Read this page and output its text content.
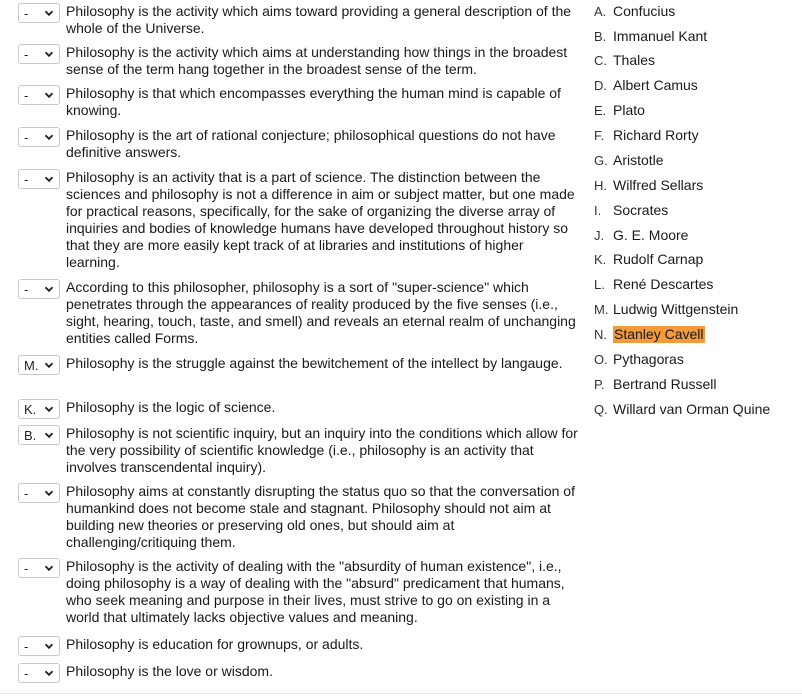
-	Philosophy is the activity which aims toward providing a general description of the whole of the Universe.
-	Philosophy is the activity which aims at understanding how things in the broadest sense of the term hang together in the broadest sense of the term.
-	Philosophy is that which encompasses everything the human mind is capable of knowing.
-	Philosophy is the art of rational conjecture; philosophical questions do not have definitive answers.
-	Philosophy is an activity that is a part of science. The distinction between the sciences and philosophy is not a difference in aim or subject matter, but one made for practical reasons, specifically, for the sake of organizing the diverse array of inquiries and bodies of knowledge humans have developed throughout history so that they are more easily kept track of at libraries and institutions of higher learning.
-	According to this philosopher, philosophy is a sort of "super-science" which penetrates through the appearances of reality produced by the five senses (i.e., sight, hearing, touch, taste, and smell) and reveals an eternal realm of unchanging entities called Forms.
M. Philosophy is the struggle against the bewitchement of the intellect by langauge.
K. Philosophy is the logic of science.
B. Philosophy is not scientific inquiry, but an inquiry into the conditions which allow for the very possibility of scientific knowledge (i.e., philosophy is an activity that involves transcendental inquiry).
-	Philosophy aims at constantly disrupting the status quo so that the conversation of humankind does not become stale and stagnant. Philosophy should not aim at building new theories or preserving old ones, but should aim at challenging/critiquing them.
-	Philosophy is the activity of dealing with the "absurdity of human existence", i.e., doing philosophy is a way of dealing with the "absurd" predicament that humans, who seek meaning and purpose in their lives, must strive to go on existing in a world that ultimately lacks objective values and meaning.
-	Philosophy is education for grownups, or adults.
-	Philosophy is the love or wisdom.
A. Confucius
B. Immanuel Kant
C. Thales
D. Albert Camus
E. Plato
F. Richard Rorty
G. Aristotle
H. Wilfred Sellars
I. Socrates
J. G. E. Moore
K. Rudolf Carnap
L. René Descartes
M. Ludwig Wittgenstein
N. Stanley Cavell
O. Pythagoras
P. Bertrand Russell
Q. Willard van Orman Quine
